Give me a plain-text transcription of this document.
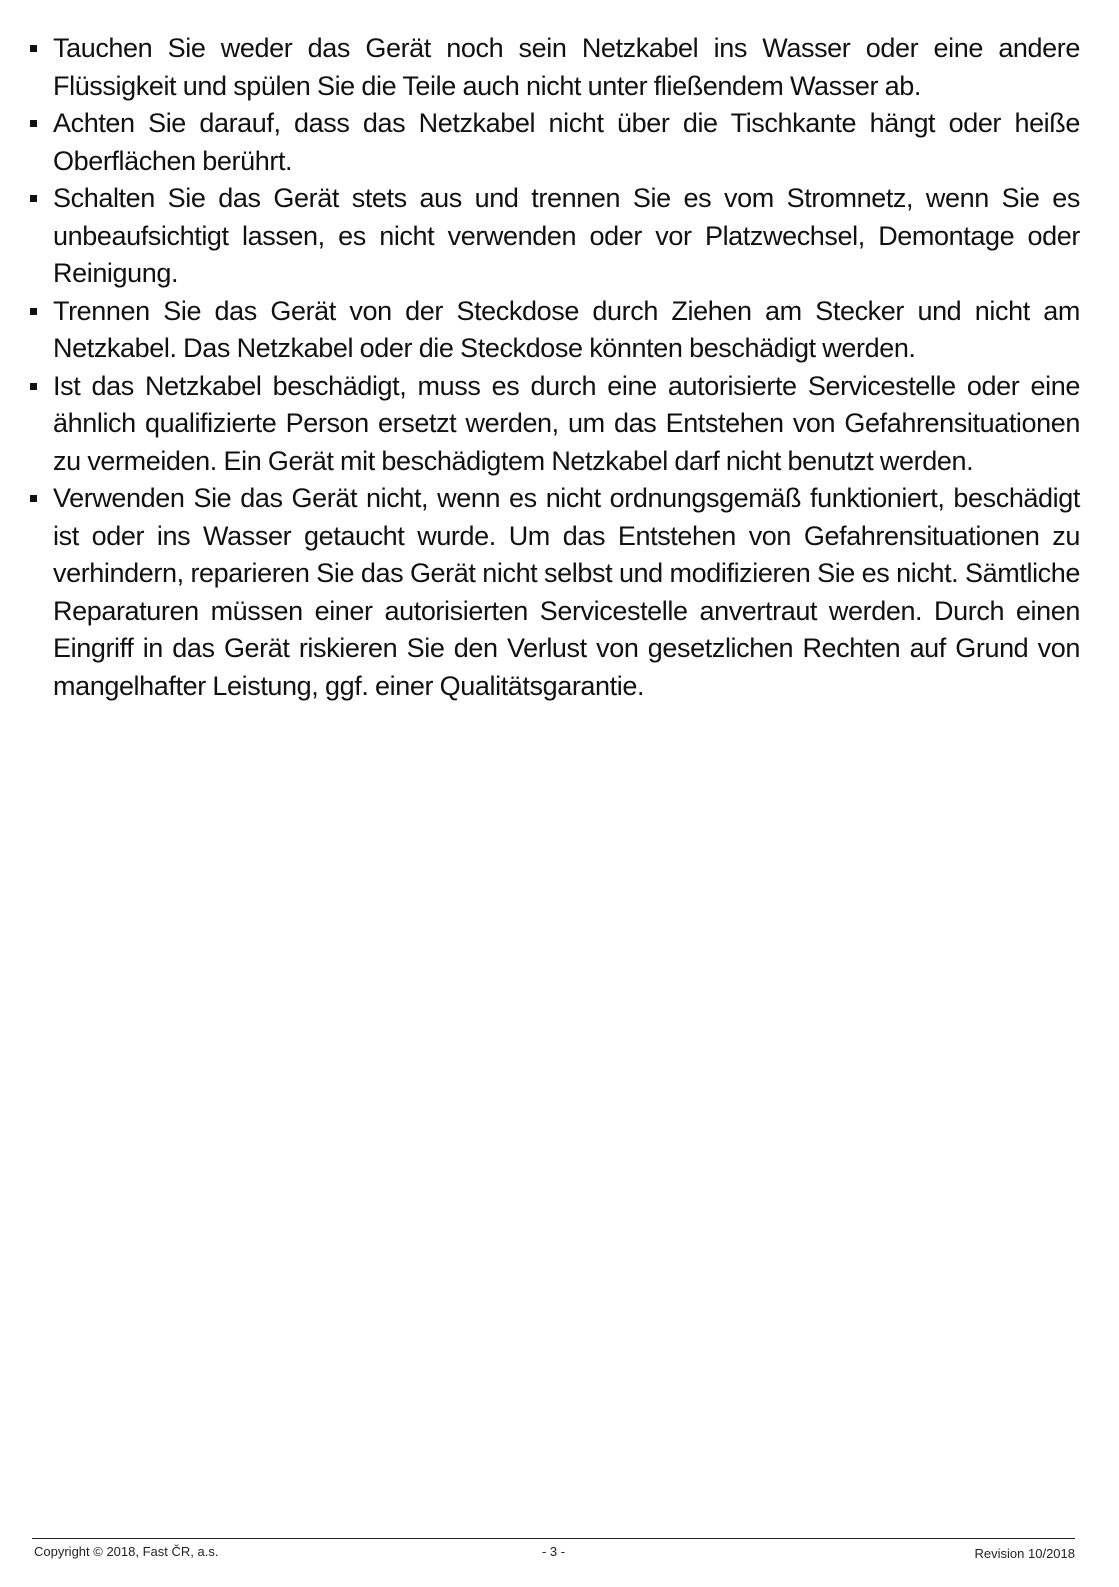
Tauchen Sie weder das Gerät noch sein Netzkabel ins Wasser oder eine andere Flüssigkeit und spülen Sie die Teile auch nicht unter fließendem Wasser ab.
Achten Sie darauf, dass das Netzkabel nicht über die Tischkante hängt oder heiße Oberflächen berührt.
Schalten Sie das Gerät stets aus und trennen Sie es vom Stromnetz, wenn Sie es unbeaufsichtigt lassen, es nicht verwenden oder vor Platzwechsel, Demontage oder Reinigung.
Trennen Sie das Gerät von der Steckdose durch Ziehen am Stecker und nicht am Netzkabel. Das Netzkabel oder die Steckdose könnten beschädigt werden.
Ist das Netzkabel beschädigt, muss es durch eine autorisierte Servicestelle oder eine ähnlich qualifizierte Person ersetzt werden, um das Entstehen von Gefahrensituationen zu vermeiden. Ein Gerät mit beschädigtem Netzkabel darf nicht benutzt werden.
Verwenden Sie das Gerät nicht, wenn es nicht ordnungsgemäß funktioniert, beschädigt ist oder ins Wasser getaucht wurde. Um das Entstehen von Gefahrensituationen zu verhindern, reparieren Sie das Gerät nicht selbst und modifizieren Sie es nicht. Sämtliche Reparaturen müssen einer autorisierten Servicestelle anvertraut werden. Durch einen Eingriff in das Gerät riskieren Sie den Verlust von gesetzlichen Rechten auf Grund von mangelhafter Leistung, ggf. einer Qualitätsgarantie.
Copyright © 2018, Fast ČR, a.s.	- 3 -	Revision 10/2018
